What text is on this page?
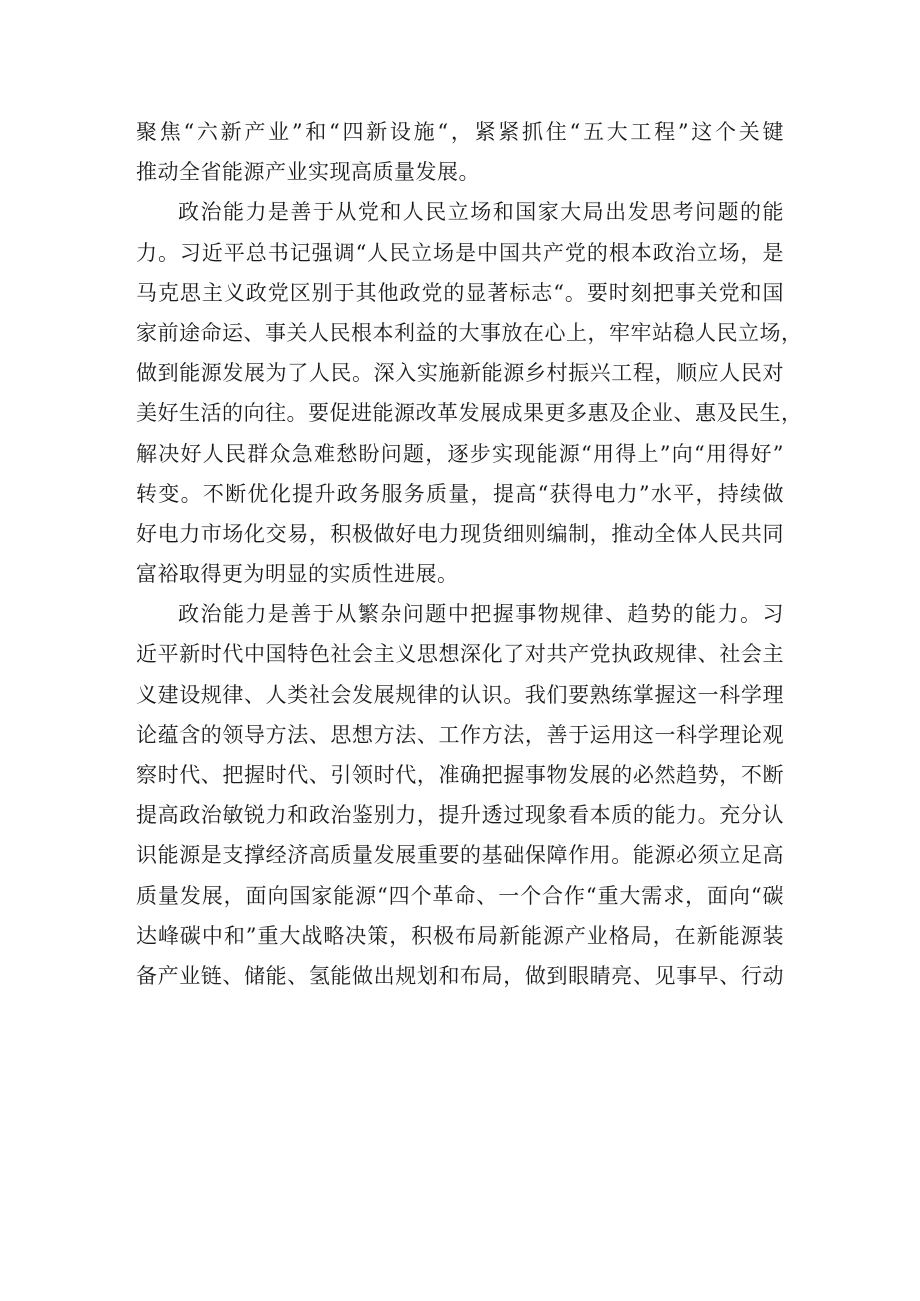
聚焦“六新产业”和“四新设施“，紧紧抓住“五大工程”这个关键
推动全省能源产业实现高质量发展。
政治能力是善于从党和人民立场和国家大局出发思考问题的能
力。习近平总书记强调“人民立场是中国共产党的根本政治立场，是
马克思主义政党区别于其他政党的显著标志“。要时刻把事关党和国
家前途命运、事关人民根本利益的大事放在心上，牢牢站稳人民立场，
做到能源发展为了人民。深入实施新能源乡村振兴工程，顺应人民对
美好生活的向往。要促进能源改革发展成果更多惠及企业、惠及民生，
解决好人民群众急难愁盼问题，逐步实现能源“用得上”向“用得好”
转变。不断优化提升政务服务质量，提高“获得电力”水平，持续做
好电力市场化交易，积极做好电力现货细则编制，推动全体人民共同
富裕取得更为明显的实质性进展。
政治能力是善于从繁杂问题中把握事物规律、趋势的能力。习
近平新时代中国特色社会主义思想深化了对共产党执政规律、社会主
义建设规律、人类社会发展规律的认识。我们要熟练掌握这一科学理
论蕴含的领导方法、思想方法、工作方法，善于运用这一科学理论观
察时代、把握时代、引领时代，准确把握事物发展的必然趋势，不断
提高政治敏锐力和政治鉴别力，提升透过现象看本质的能力。充分认
识能源是支撑经济高质量发展重要的基础保障作用。能源必须立足高
质量发展，面向国家能源“四个革命、一个合作“重大需求，面向“碳
达峰碳中和”重大战略决策，积极布局新能源产业格局，在新能源装
备产业链、储能、氢能做出规划和布局，做到眼睛亮、见事早、行动
